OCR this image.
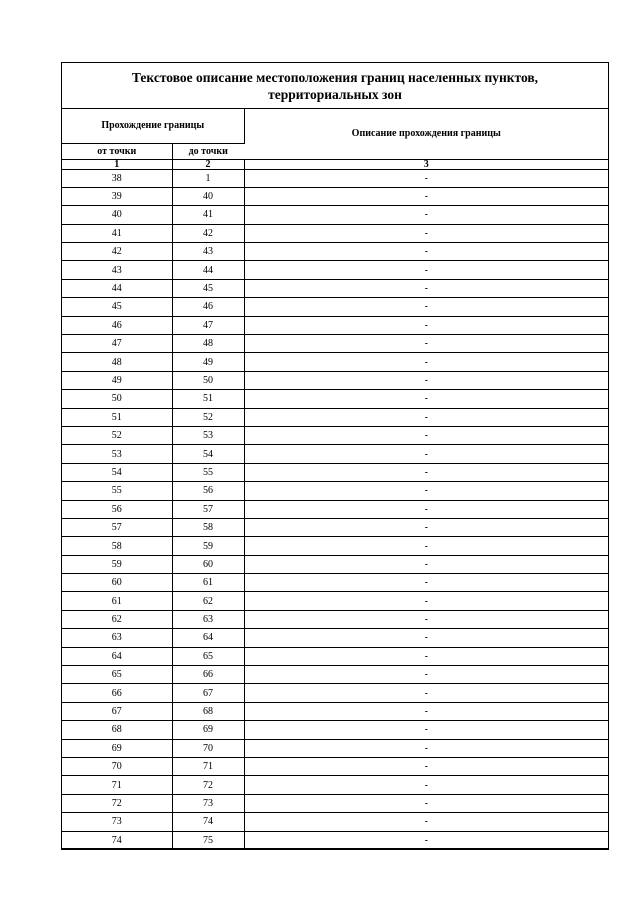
Текстовое описание местоположения границ населенных пунктов,
территориальных зон
Прохождение границы		Описание прохождения границы
от точки	до точки	
1	2	3
38	1	-
39	40	-
40	41	-
41	42	-
42	43	-
43	44	-
44	45	-
45	46	-
46	47	-
47	48	-
48	49	-
49	50	-
50	51	-
51	52	-
52	53	-
53	54	-
54	55	-
55	56	-
56	57	-
57	58	-
58	59	-
59	60	-
60	61	-
61	62	-
62	63	-
63	64	-
64	65	-
65	66	-
66	67	-
67	68	-
68	69	-
69	70	-
70	71	-
71	72	-
72	73	-
73	74	-
74	75	-
